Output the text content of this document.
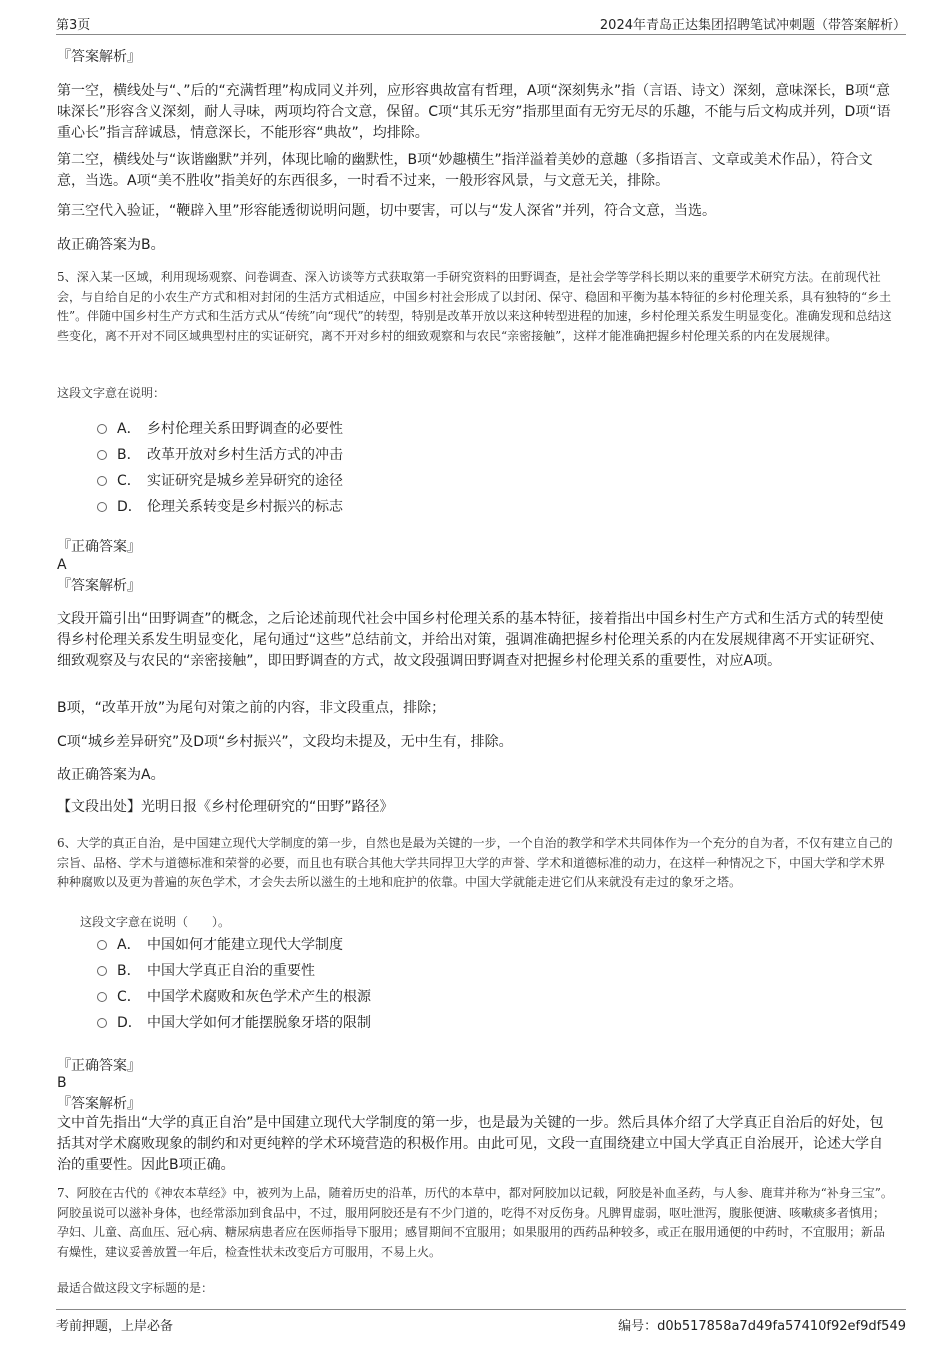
第3页	2024年青岛正达集团招聘笔试冲刺题（带答案解析）
『答案解析』

第一空，横线处与“、”后的“充满哲理”构成同义并列，应形容典故富有哲理，A项“深刻隽永”指（言语、诗文）深刻，意味深长，B项“意味深长”形容含义深刻，耐人寻味，两项均符合文意，保留。C项“其乐无穷”指那里面有无穷无尽的乐趣，不能与后文构成并列，D项“语重心长”指言辞诚恳，情意深长，不能形容“典故”，均排除。

第二空，横线处与“诙谐幽默”并列，体现比喻的幽默性，B项“妙趣横生”指洋溢着美妙的意趣（多指语言、文章或美术作品），符合文意，当选。A项“美不胜收”指美好的东西很多，一时看不过来，一般形容风景，与文意无关，排除。

第三空代入验证，“鞭辟入里”形容能透彻说明问题，切中要害，可以与“发人深省”并列，符合文意，当选。

故正确答案为B。

5、深入某一区域，利用现场观察、问卷调查、深入访谈等方式获取第一手研究资料的田野调查，是社会学等学科长期以来的重要学术研究方法。在前现代社会，与自给自足的小农生产方式和相对封闭的生活方式相适应，中国乡村社会形成了以封闭、保守、稳固和平衡为基本特征的乡村伦理关系，具有独特的“乡土性”。伴随中国乡村生产方式和生活方式从“传统”向“现代”的转型，特别是改革开放以来这种转型进程的加速，乡村伦理关系发生明显变化。准确发现和总结这些变化，离不开对不同区域典型村庄的实证研究，离不开对乡村的细致观察和与农民“亲密接触”，这样才能准确把握乡村伦理关系的内在发展规律。

这段文字意在说明：

A． 乡村伦理关系田野调查的必要性
B． 改革开放对乡村生活方式的冲击
C． 实证研究是城乡差异研究的途径
D． 伦理关系转变是乡村振兴的标志
『正确答案』
A
『答案解析』

文段开篇引出“田野调查”的概念，之后论述前现代社会中国乡村伦理关系的基本特征，接着指出中国乡村生产方式和生活方式的转型使得乡村伦理关系发生明显变化，尾句通过“这些”总结前文，并给出对策，强调准确把握乡村伦理关系的内在发展规律离不开实证研究、细致观察及与农民的“亲密接触”，即田野调查的方式，故文段强调田野调查对把握乡村伦理关系的重要性，对应A项。

B项，“改革开放”为尾句对策之前的内容，非文段重点，排除；

C项“城乡差异研究”及D项“乡村振兴”，文段均未提及，无中生有，排除。

故正确答案为A。

【文段出处】光明日报《乡村伦理研究的“田野”路径》

6、大学的真正自治，是中国建立现代大学制度的第一步，自然也是最为关键的一步，一个自治的教学和学术共同体作为一个充分的自为者，不仅有建立自己的宗旨、品格、学术与道德标准和荣誉的必要，而且也有联合其他大学共同捍卫大学的声誉、学术和道德标准的动力，在这样一种情况之下，中国大学和学术界种种腐败以及更为普遍的灰色学术，才会失去所以滋生的土地和庇护的依靠。中国大学就能走进它们从来就没有走过的象牙之塔。

这段文字意在说明（　　）。

A． 中国如何才能建立现代大学制度
B． 中国大学真正自治的重要性
C． 中国学术腐败和灰色学术产生的根源
D． 中国大学如何才能摆脱象牙塔的限制
『正确答案』
B
『答案解析』

文中首先指出“大学的真正自治”是中国建立现代大学制度的第一步，也是最为关键的一步。然后具体介绍了大学真正自治后的好处，包括其对学术腐败现象的制约和对更纯粹的学术环境营造的积极作用。由此可见，文段一直围绕建立中国大学真正自治展开，论述大学自治的重要性。因此B项正确。

7、阿胶在古代的《神农本草经》中，被列为上品，随着历史的沿革，历代的本草中，都对阿胶加以记载，阿胶是补血圣药，与人参、鹿茸并称为“补身三宝”。阿胶虽说可以滋补身体，也经常添加到食品中，不过，服用阿胶还是有不少门道的，吃得不对反伤身。凡脾胃虚弱，呕吐泄泻，腹胀便溏、咳嗽痰多者慎用；孕妇、儿童、高血压、冠心病、糖尿病患者应在医师指导下服用；感冒期间不宜服用；如果服用的西药品种较多，或正在服用通便的中药时，不宜服用；新品有燥性，建议妥善放置一年后，检查性状未改变后方可服用，不易上火。

最适合做这段文字标题的是：

考前押题，上岸必备	编号：d0b517858a7d49fa57410f92ef9df549
